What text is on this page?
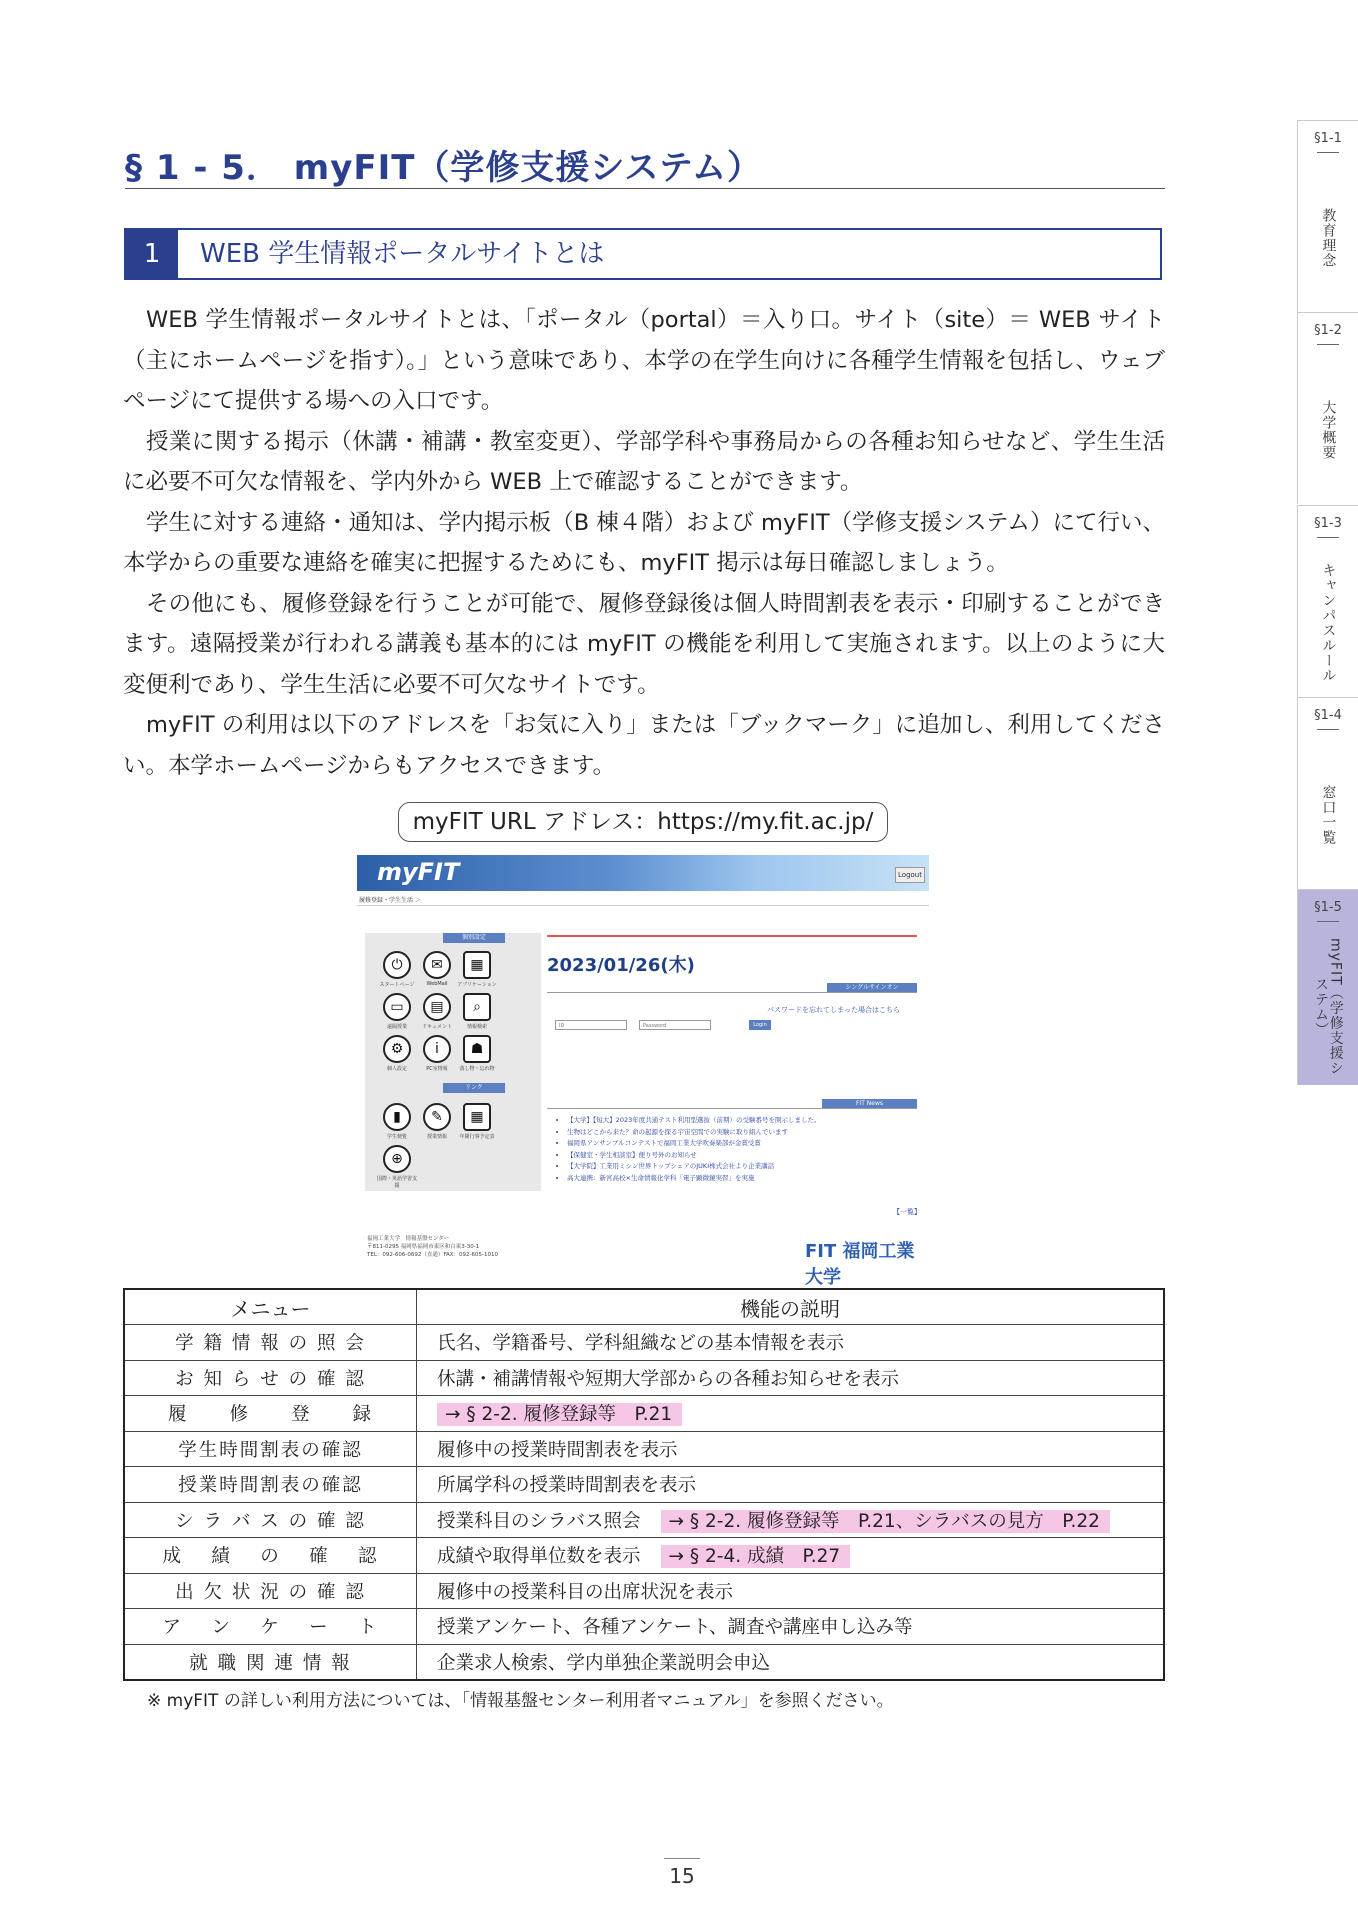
§1-1
教育理念
§1-2
大学概要
§1-3
キャンパスルール
§1-4
窓口一覧
§1-5
myFIT（学修支援システム）
§ 1 - 5． myFIT（学修支援システム）
1	WEB 学生情報ポータルサイトとは

WEB 学生情報ポータルサイトとは、「ポータル（portal）＝入り口。サイト（site）＝ WEB サイト（主にホームページを指す）。」という意味であり、本学の在学生向けに各種学生情報を包括し、ウェブページにて提供する場への入口です。

授業に関する掲示（休講・補講・教室変更）、学部学科や事務局からの各種お知らせなど、学生生活に必要不可欠な情報を、学内外から WEB 上で確認することができます。

学生に対する連絡・通知は、学内掲示板（B 棟４階）および myFIT（学修支援システム）にて行い、本学からの重要な連絡を確実に把握するためにも、myFIT 掲示は毎日確認しましょう。

その他にも、履修登録を行うことが可能で、履修登録後は個人時間割表を表示・印刷することができます。遠隔授業が行われる講義も基本的には myFIT の機能を利用して実施されます。以上のように大変便利であり、学生生活に必要不可欠なサイトです。

myFIT の利用は以下のアドレスを「お気に入り」または「ブックマーク」に追加し、利用してください。本学ホームページからもアクセスできます。

myFIT URL アドレス：https://my.fit.ac.jp/
myFIT	Logout
履修登録・学生生活 ＞
個別設定
⏻
スタートページ
✉
WebMail
▦
アプリケーション
▭
遠隔授業
▤
ドキュメント
⌕
情報検索
⚙
個人設定
i
PC室情報
☗
落し物・忘れ物
リンク
▮
学生便覧
✎
授業情報
▦
年間行事予定表
⊕
国際・英語学習支援
2023/01/26(木)
シングルサインオン
パスワードを忘れてしまった場合はこちら
ID	Password	Login
FIT News
• 【大学】【短大】2023年度共通テスト利用型選抜（前期）の受験番号を開示しました。
• 生物はどこから来た？命の起源を探る宇宙空間での実験に取り組んでいます
• 福岡県アンサンブルコンテストで福岡工業大学吹奏楽部が金賞受賞
• 【保健室・学生相談室】便り号外のお知らせ
• 【大学院】工業用ミシン世界トップシェアのJUKI株式会社より企業講話
• 高大連携：新宮高校×生命情報化学科「電子顕微鏡実習」を実施
【一覧】
福岡工業大学　情報基盤センター
〒811-0295 福岡県福岡市東区和白東3-30-1
TEL：092-606-0692（直通）FAX：092-605-1010	FIT 福岡工業大学
メニュー	機能の説明
学 籍 情 報 の 照 会	氏名、学籍番号、学科組織などの基本情報を表示
お 知 ら せ の 確 認	休講・補講情報や短期大学部からの各種お知らせを表示
履　　修　　登　　録	→ § 2-2. 履修登録等　P.21
学生時間割表の確認	履修中の授業時間割表を表示
授業時間割表の確認	所属学科の授業時間割表を表示
シ ラ バ ス の 確 認	授業科目のシラバス照会 → § 2-2. 履修登録等　P.21、シラバスの見方　P.22
成　 績　 の　 確　 認	成績や取得単位数を表示 → § 2-4. 成績　P.27
出 欠 状 況 の 確 認	履修中の授業科目の出席状況を表示
ア　 ン　 ケ　 ー　 ト	授業アンケート、各種アンケート、調査や講座申し込み等
就 職 関 連 情 報	企業求人検索、学内単独企業説明会申込
※ myFIT の詳しい利用方法については、「情報基盤センター利用者マニュアル」を参照ください。
15
